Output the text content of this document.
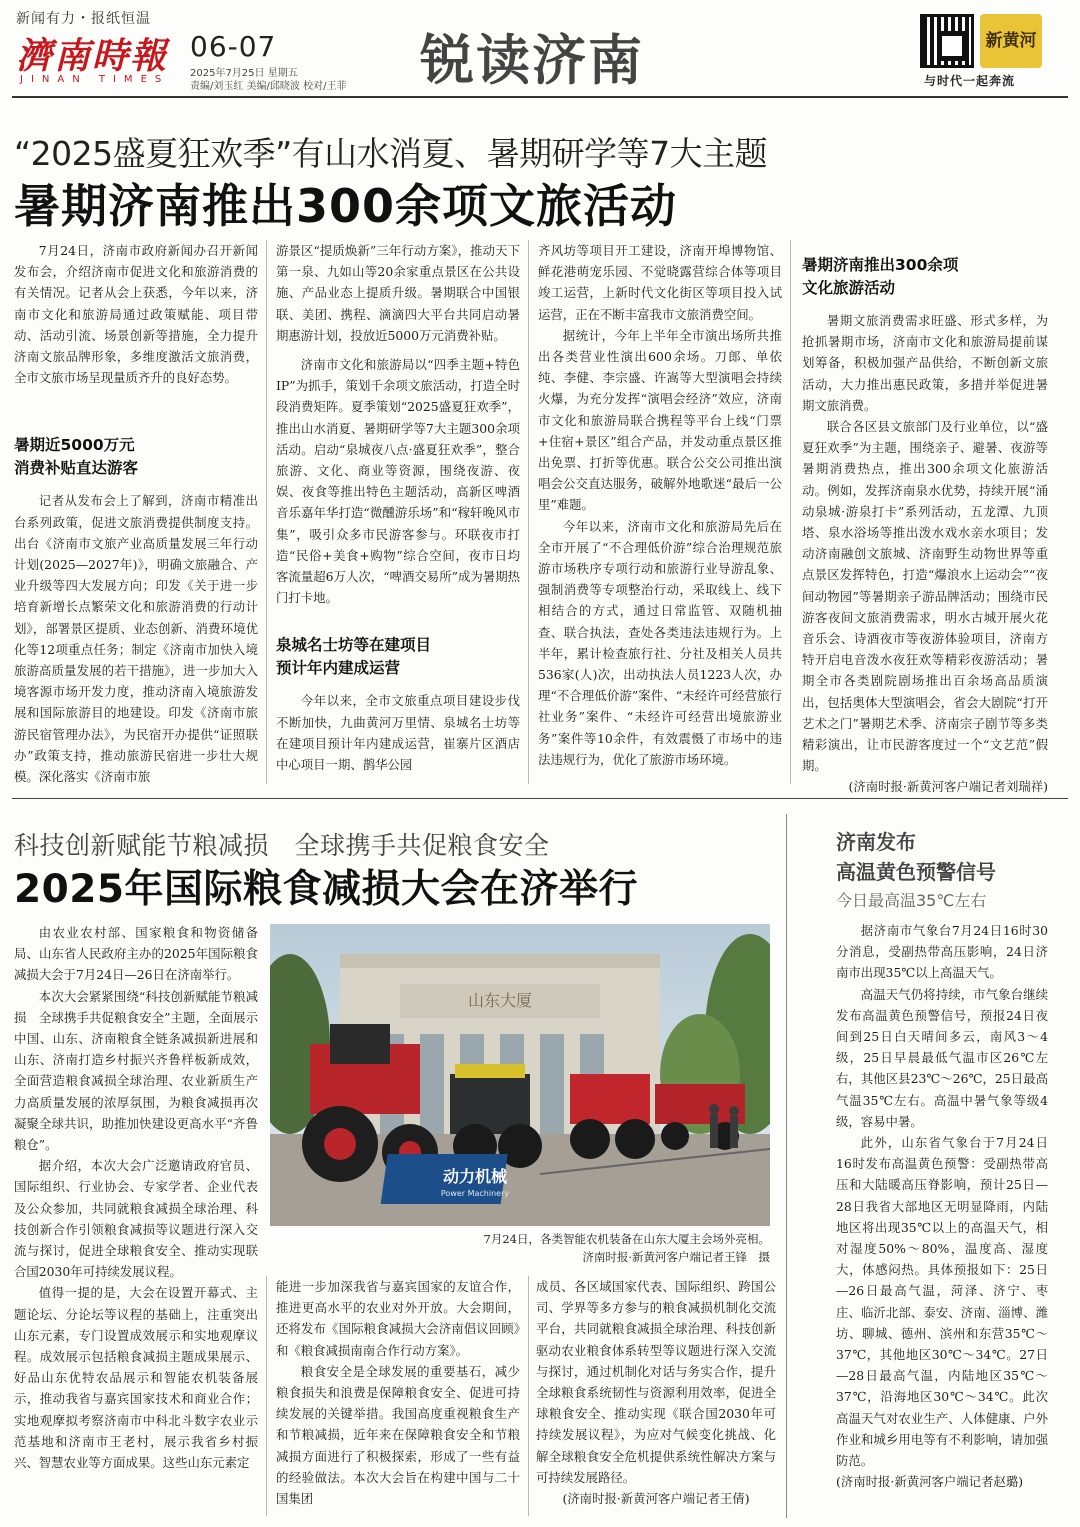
新闻有力・报纸恒温
濟南時報
JINAN TIMES
06-07
2025年7月25日 星期五
责编/刘玉红 美编/邱晓波 校对/王菲 锐读济南	新黄河
与时代一起奔流
“2025盛夏狂欢季”有山水消夏、暑期研学等7大主题
暑期济南推出300余项文旅活动

7月24日，济南市政府新闻办召开新闻发布会，介绍济南市促进文化和旅游消费的有关情况。记者从会上获悉，今年以来，济南市文化和旅游局通过政策赋能、项目带动、活动引流、场景创新等措施，全力提升济南文旅品牌形象，多维度激活文旅消费，全市文旅市场呈现量质齐升的良好态势。

暑期近5000万元
消费补贴直达游客

记者从发布会上了解到，济南市精准出台系列政策，促进文旅消费提供制度支持。出台《济南市文旅产业高质量发展三年行动计划(2025—2027年)》，明确文旅融合、产业升级等四大发展方向；印发《关于进一步培育新增长点繁荣文化和旅游消费的行动计划》，部署景区提质、业态创新、消费环境优化等12项重点任务；制定《济南市加快入境旅游高质量发展的若干措施》，进一步加大入境客源市场开发力度，推动济南入境旅游发展和国际旅游目的地建设。印发《济南市旅游民宿管理办法》，为民宿开办提供“证照联办”政策支持，推动旅游民宿进一步壮大规模。深化落实《济南市旅

游景区“提质焕新”三年行动方案》，推动天下第一泉、九如山等20余家重点景区在公共设施、产品业态上提质升级。暑期联合中国银联、美团、携程、滴滴四大平台共同启动暑期惠游计划，投放近5000万元消费补贴。

济南市文化和旅游局以“四季主题+特色IP”为抓手，策划千余项文旅活动，打造全时段消费矩阵。夏季策划“2025盛夏狂欢季”，推出山水消夏、暑期研学等7大主题300余项活动。启动“泉城夜八点·盛夏狂欢季”，整合旅游、文化、商业等资源，围绕夜游、夜娱、夜食等推出特色主题活动，高新区啤酒音乐嘉年华打造“微醺游乐场”和“稼轩晚风市集”，吸引众多市民游客参与。环联夜市打造“民俗+美食+购物”综合空间，夜市日均客流量超6万人次，“啤酒交易所”成为暑期热门打卡地。

泉城名士坊等在建项目
预计年内建成运营

今年以来，全市文旅重点项目建设步伐不断加快，九曲黄河万里情、泉城名士坊等在建项目预计年内建成运营，崔寨片区酒店中心项目一期、鹊华公园

齐风坊等项目开工建设，济南开埠博物馆、鲜花港萌宠乐园、不觉晓露营综合体等项目竣工运营，上新时代文化街区等项目投入试运营，正在不断丰富我市文旅消费空间。

据统计，今年上半年全市演出场所共推出各类营业性演出600余场。刀郎、单依纯、李健、李宗盛、许嵩等大型演唱会持续火爆，为充分发挥“演唱会经济”效应，济南市文化和旅游局联合携程等平台上线“门票+住宿+景区”组合产品，并发动重点景区推出免票、打折等优惠。联合公交公司推出演唱会公交直达服务，破解外地歌迷“最后一公里”难题。

今年以来，济南市文化和旅游局先后在全市开展了“不合理低价游”综合治理规范旅游市场秩序专项行动和旅游行业导游乱象、强制消费等专项整治行动，采取线上、线下相结合的方式，通过日常监管、双随机抽查、联合执法，查处各类违法违规行为。上半年，累计检查旅行社、分社及相关人员共536家(人)次，出动执法人员1223人次，办理“不合理低价游”案件、“未经许可经营旅行社业务”案件、“未经许可经营出境旅游业务”案件等10余件，有效震慑了市场中的违法违规行为，优化了旅游市场环境。

暑期济南推出300余项
文化旅游活动

暑期文旅消费需求旺盛、形式多样，为抢抓暑期市场，济南市文化和旅游局提前谋划筹备，积极加强产品供给，不断创新文旅活动，大力推出惠民政策，多措并举促进暑期文旅消费。

联合各区县文旅部门及行业单位，以“盛夏狂欢季”为主题，围绕亲子、避暑、夜游等暑期消费热点，推出300余项文化旅游活动。例如，发挥济南泉水优势，持续开展“涌动泉城·游泉打卡”系列活动，五龙潭、九顶塔、泉水浴场等推出泼水戏水亲水项目；发动济南融创文旅城、济南野生动物世界等重点景区发挥特色，打造“爆浪水上运动会”“夜间动物园”等暑期亲子游品牌活动；围绕市民游客夜间文旅消费需求，明水古城开展火花音乐会、诗酒夜市等夜游体验项目，济南方特开启电音泼水夜狂欢等精彩夜游活动；暑期全市各类剧院剧场推出百余场高品质演出，包括奥体大型演唱会，省会大剧院“打开艺术之门”暑期艺术季、济南宗子剧节等多类精彩演出，让市民游客度过一个“文艺范”假期。

(济南时报·新黄河客户端记者刘瑞祥)

科技创新赋能节粮减损　全球携手共促粮食安全
2025年国际粮食减损大会在济举行

由农业农村部、国家粮食和物资储备局、山东省人民政府主办的2025年国际粮食减损大会于7月24日—26日在济南举行。

本次大会紧紧围绕“科技创新赋能节粮减损　全球携手共促粮食安全”主题，全面展示中国、山东、济南粮食全链条减损新进展和山东、济南打造乡村振兴齐鲁样板新成效，全面营造粮食减损全球治理、农业新质生产力高质量发展的浓厚氛围，为粮食减损再次凝聚全球共识，助推加快建设更高水平“齐鲁粮仓”。

据介绍，本次大会广泛邀请政府官员、国际组织、行业协会、专家学者、企业代表及公众参加，共同就粮食减损全球治理、科技创新合作引领粮食减损等议题进行深入交流与探讨，促进全球粮食安全、推动实现联合国2030年可持续发展议程。

值得一提的是，大会在设置开幕式、主题论坛、分论坛等议程的基础上，注重突出山东元素，专门设置成效展示和实地观摩议程。成效展示包括粮食减损主题成果展示、好品山东优特农品展示和智能农机装备展示，推动我省与嘉宾国家技术和商业合作；实地观摩拟考察济南市中科北斗数字农业示范基地和济南市王老村，展示我省乡村振兴、智慧农业等方面成果。这些山东元素定

山东大厦
动力机械
Power Machinery
7月24日，各类智能农机装备在山东大厦主会场外亮相。
济南时报·新黄河客户端记者王锋　摄

能进一步加深我省与嘉宾国家的友谊合作，推进更高水平的农业对外开放。大会期间，还将发布《国际粮食减损大会济南倡议回顾》和《粮食减损南南合作行动方案》。

粮食安全是全球发展的重要基石，减少粮食损失和浪费是保障粮食安全、促进可持续发展的关键举措。我国高度重视粮食生产和节粮减损，近年来在保障粮食安全和节粮减损方面进行了积极探索，形成了一些有益的经验做法。本次大会旨在构建中国与二十国集团

成员、各区域国家代表、国际组织、跨国公司、学界等多方参与的粮食减损机制化交流平台，共同就粮食减损全球治理、科技创新驱动农业粮食体系转型等议题进行深入交流与探讨，通过机制化对话与务实合作，提升全球粮食系统韧性与资源利用效率，促进全球粮食安全、推动实现《联合国2030年可持续发展议程》，为应对气候变化挑战、化解全球粮食安全危机提供系统性解决方案与可持续发展路径。

(济南时报·新黄河客户端记者王倩)

济南发布
高温黄色预警信号
今日最高温35℃左右

据济南市气象台7月24日16时30分消息，受副热带高压影响，24日济南市出现35℃以上高温天气。

高温天气仍将持续，市气象台继续发布高温黄色预警信号，预报24日夜间到25日白天晴间多云，南风3～4级，25日早晨最低气温市区26℃左右，其他区县23℃～26℃，25日最高气温35℃左右。高温中暑气象等级4级，容易中暑。

此外，山东省气象台于7月24日16时发布高温黄色预警：受副热带高压和大陆暖高压脊影响，预计25日—28日我省大部地区无明显降雨，内陆地区将出现35℃以上的高温天气，相对湿度50%～80%，温度高、湿度大，体感闷热。具体预报如下：25日—26日最高气温，菏泽、济宁、枣庄、临沂北部、泰安、济南、淄博、潍坊、聊城、德州、滨州和东营35℃～37℃，其他地区30℃～34℃。27日—28日最高气温，内陆地区35℃～37℃，沿海地区30℃～34℃。此次高温天气对农业生产、人体健康、户外作业和城乡用电等有不利影响，请加强防范。

(济南时报·新黄河客户端记者赵璐)
